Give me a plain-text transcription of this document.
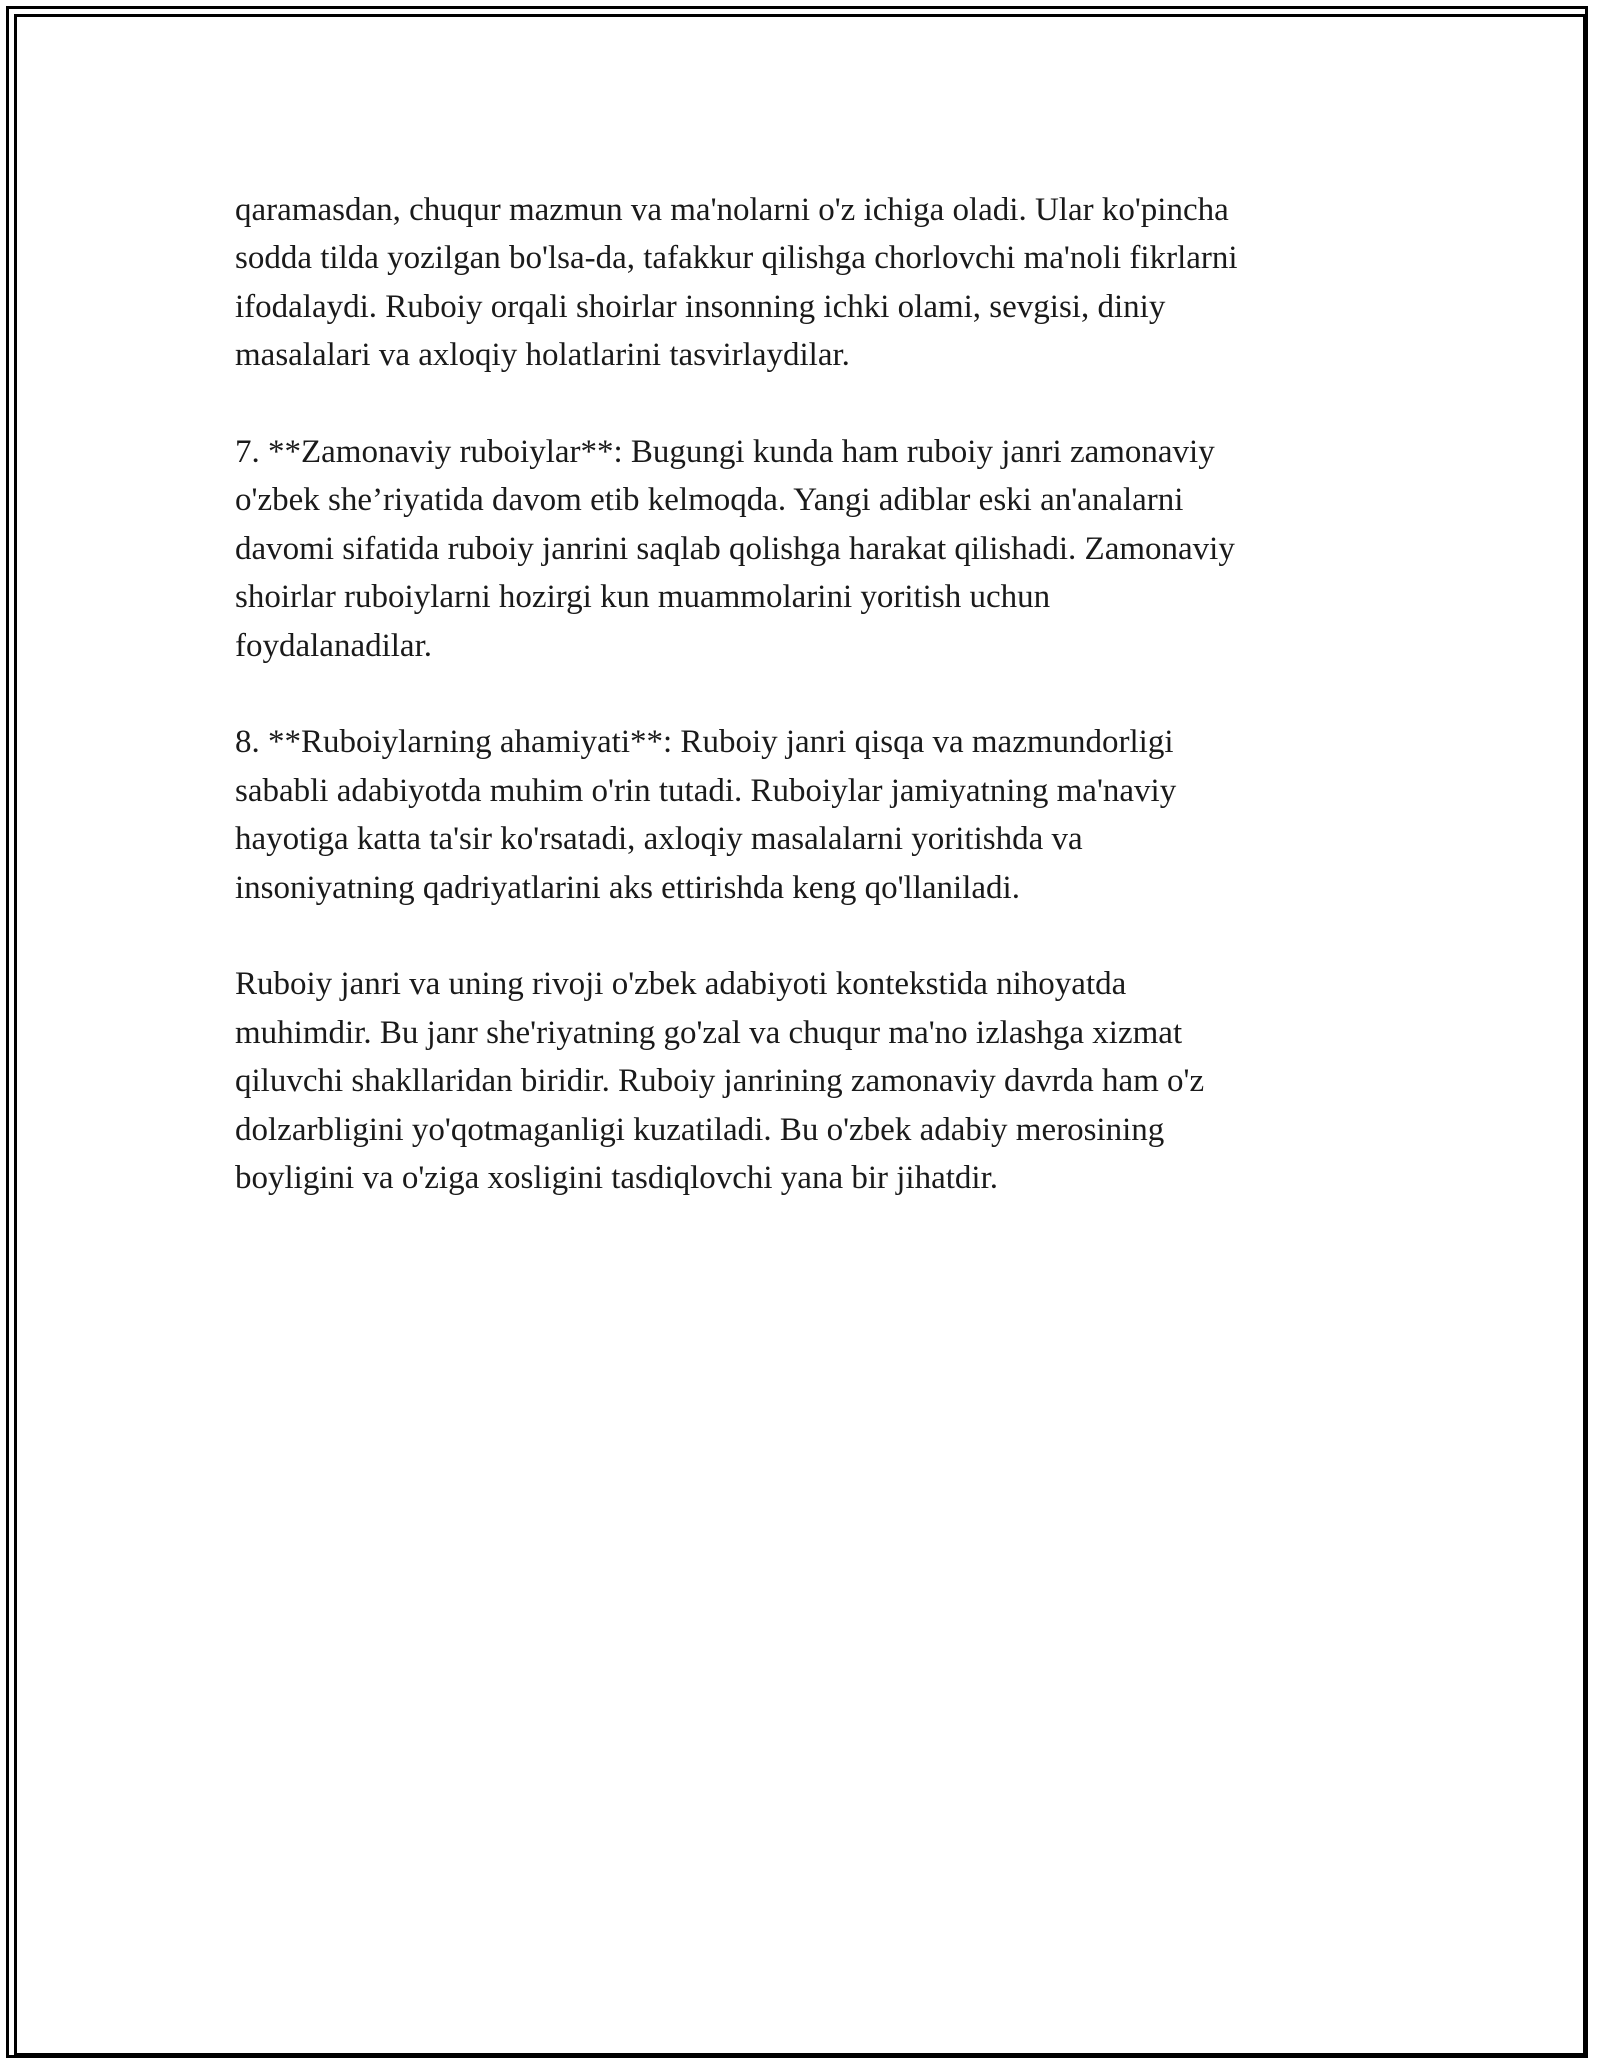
qaramasdan, chuqur mazmun va ma'nolarni o'z ichiga oladi. Ular ko'pincha
sodda tilda yozilgan bo'lsa-da, tafakkur qilishga chorlovchi ma'noli fikrlarni
ifodalaydi. Ruboiy orqali shoirlar insonning ichki olami, sevgisi, diniy
masalalari va axloqiy holatlarini tasvirlaydilar.

7. **Zamonaviy ruboiylar**: Bugungi kunda ham ruboiy janri zamonaviy
o'zbek she’riyatida davom etib kelmoqda. Yangi adiblar eski an'analarni
davomi sifatida ruboiy janrini saqlab qolishga harakat qilishadi. Zamonaviy
shoirlar ruboiylarni hozirgi kun muammolarini yoritish uchun
foydalanadilar.

8. **Ruboiylarning ahamiyati**: Ruboiy janri qisqa va mazmundorligi
sababli adabiyotda muhim o'rin tutadi. Ruboiylar jamiyatning ma'naviy
hayotiga katta ta'sir ko'rsatadi, axloqiy masalalarni yoritishda va
insoniyatning qadriyatlarini aks ettirishda keng qo'llaniladi.

Ruboiy janri va uning rivoji o'zbek adabiyoti kontekstida nihoyatda
muhimdir. Bu janr she'riyatning go'zal va chuqur ma'no izlashga xizmat
qiluvchi shakllaridan biridir. Ruboiy janrining zamonaviy davrda ham o'z
dolzarbligini yo'qotmaganligi kuzatiladi. Bu o'zbek adabiy merosining
boyligini va o'ziga xosligini tasdiqlovchi yana bir jihatdir.
